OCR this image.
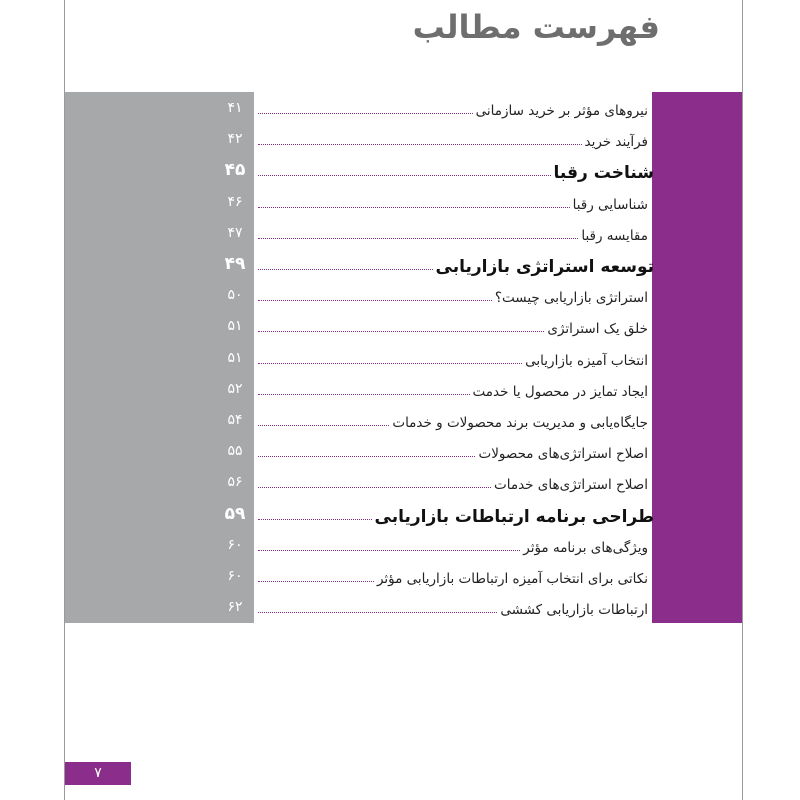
فهرست مطالب
۴۱	نیروهای مؤثر بر خرید سازمانی
۴۲	فرآیند خرید
۴۵	شناخت رقبا
۴۶	شناسایی رقبا
۴۷	مقایسه رقبا
۴۹	توسعه استراتژی بازاریابی
۵۰	استراتژی بازاریابی چیست؟
۵۱	خلق یک استراتژی
۵۱	انتخاب آمیزه بازاریابی
۵۲	ایجاد تمایز در محصول یا خدمت
۵۴	جایگاه‌یابی و مدیریت برند محصولات و خدمات
۵۵	اصلاح استراتژی‌های محصولات
۵۶	اصلاح استراتژی‌های خدمات
۵۹	طراحی برنامه ارتباطات بازاریابی
۶۰	ویژگی‌های برنامه مؤثر
۶۰	نکاتی برای انتخاب آمیزه ارتباطات بازاریابی مؤثر
۶۲	ارتباطات بازاریابی کششی
۷
